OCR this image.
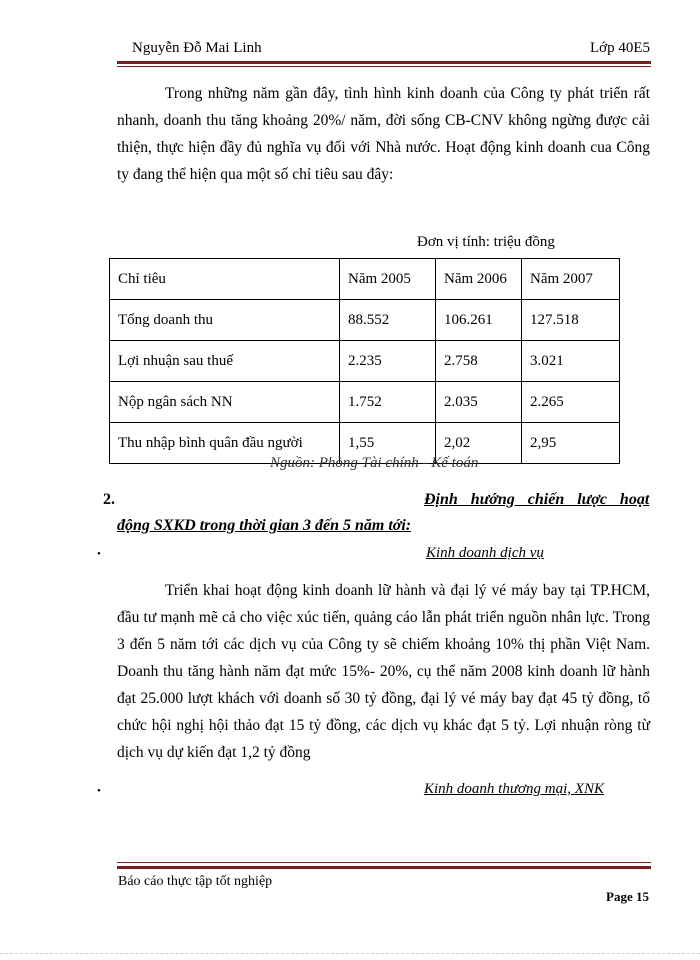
Nguyễn Đỗ Mai Linh	Lớp 40E5

Trong những năm gần đây, tình hình kinh doanh của Công ty phát triển rất nhanh, doanh thu tăng khoảng 20%/ năm, đời sống CB-CNV không ngừng được cải thiện, thực hiện đầy đủ nghĩa vụ đối với Nhà nước. Hoạt động kinh doanh cua Công ty đang thể hiện qua một số chỉ tiêu sau đây:

Đơn vị tính: triệu đồng
Chỉ tiêu	Năm 2005	Năm 2006	Năm 2007
Tổng doanh thu	88.552	106.261	127.518
Lợi nhuận sau thuế	2.235	2.758	3.021
Nộp ngân sách NN	1.752	2.035	2.265
Thu nhập bình quân đầu người	1,55	2,02	2,95
Nguồn: Phòng Tài chính - Kế toán
2.	Định hướng chiến lược hoạt
động SXKD trong thời gian 3 đến 5 năm tới:
•	Kinh doanh dịch vụ

Triển khai hoạt động kinh doanh lữ hành và đại lý vé máy bay tại TP.HCM, đầu tư mạnh mẽ cả cho việc xúc tiến, quảng cáo lẫn phát triển nguồn nhân lực. Trong 3 đến 5 năm tới các dịch vụ của Công ty sẽ chiếm khoảng 10% thị phần Việt Nam. Doanh thu tăng hành năm đạt mức 15%- 20%, cụ thể năm 2008 kinh doanh lữ hành đạt 25.000 lượt khách với doanh số 30 tỷ đồng, đại lý vé máy bay đạt 45 tỷ đồng, tổ chức hội nghị hội thảo đạt 15 tỷ đồng, các dịch vụ khác đạt 5 tỷ. Lợi nhuận ròng từ dịch vụ dự kiến đạt 1,2 tỷ đồng

•	Kinh doanh thương mại, XNK
Báo cáo thực tập tốt nghiệp
Page 15
